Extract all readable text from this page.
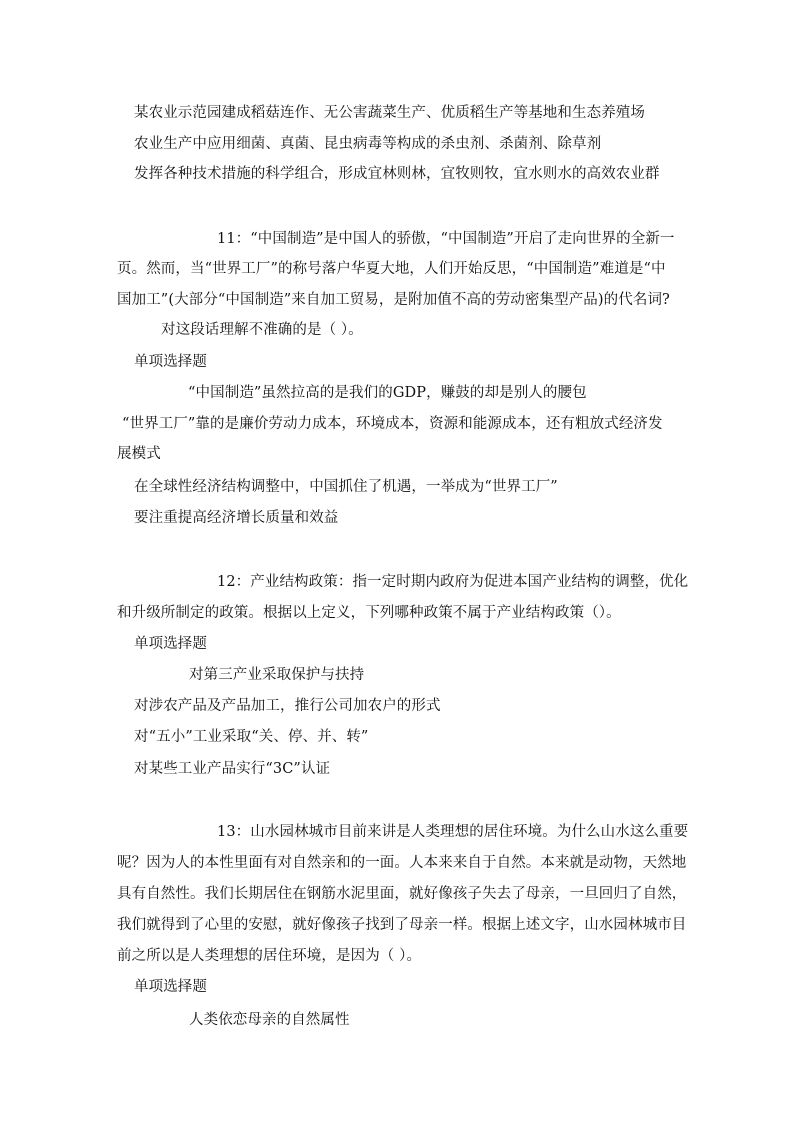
某农业示范园建成稻菇连作、无公害蔬菜生产、优质稻生产等基地和生态养殖场
农业生产中应用细菌、真菌、昆虫病毒等构成的杀虫剂、杀菌剂、除草剂
发挥各种技术措施的科学组合，形成宜林则林，宜牧则牧，宜水则水的高效农业群
11：“中国制造”是中国人的骄傲，“中国制造”开启了走向世界的全新一
页。然而，当“世界工厂”的称号落户华夏大地，人们开始反思，“中国制造”难道是“中
国加工”(大部分“中国制造”来自加工贸易，是附加值不高的劳动密集型产品)的代名词?
对这段话理解不准确的是（ ）。
单项选择题
“中国制造”虽然拉高的是我们的GDP，赚鼓的却是别人的腰包
“世界工厂”靠的是廉价劳动力成本，环境成本，资源和能源成本，还有粗放式经济发
展模式
在全球性经济结构调整中，中国抓住了机遇，一举成为“世界工厂”
要注重提高经济增长质量和效益
12：产业结构政策：指一定时期内政府为促进本国产业结构的调整，优化
和升级所制定的政策。根据以上定义，下列哪种政策不属于产业结构政策（）。
单项选择题
对第三产业采取保护与扶持
对涉农产品及产品加工，推行公司加农户的形式
对“五小”工业采取“关、停、并、转”
对某些工业产品实行“3C”认证
13：山水园林城市目前来讲是人类理想的居住环境。为什么山水这么重要
呢？因为人的本性里面有对自然亲和的一面。人本来来自于自然。本来就是动物，天然地
具有自然性。我们长期居住在钢筋水泥里面，就好像孩子失去了母亲，一旦回归了自然，
我们就得到了心里的安慰，就好像孩子找到了母亲一样。根据上述文字，山水园林城市目
前之所以是人类理想的居住环境，是因为（ ）。
单项选择题
人类依恋母亲的自然属性
